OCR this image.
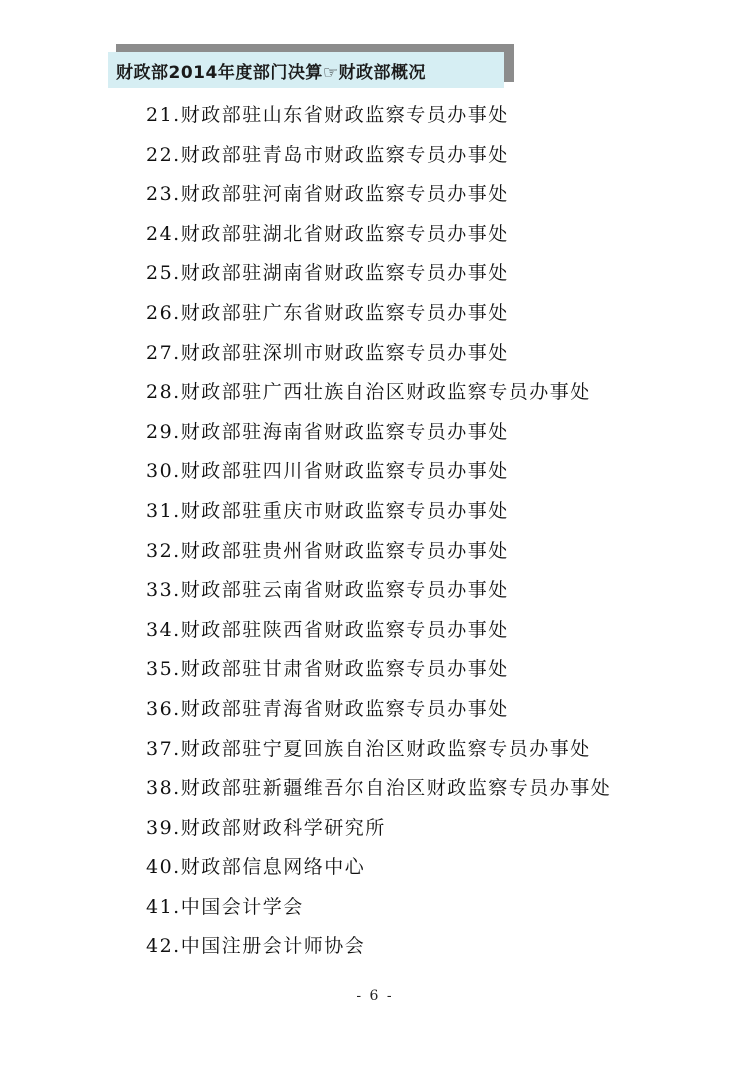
财政部2014年度部门决算☞财政部概况
21.财政部驻山东省财政监察专员办事处
22.财政部驻青岛市财政监察专员办事处
23.财政部驻河南省财政监察专员办事处
24.财政部驻湖北省财政监察专员办事处
25.财政部驻湖南省财政监察专员办事处
26.财政部驻广东省财政监察专员办事处
27.财政部驻深圳市财政监察专员办事处
28.财政部驻广西壮族自治区财政监察专员办事处
29.财政部驻海南省财政监察专员办事处
30.财政部驻四川省财政监察专员办事处
31.财政部驻重庆市财政监察专员办事处
32.财政部驻贵州省财政监察专员办事处
33.财政部驻云南省财政监察专员办事处
34.财政部驻陕西省财政监察专员办事处
35.财政部驻甘肃省财政监察专员办事处
36.财政部驻青海省财政监察专员办事处
37.财政部驻宁夏回族自治区财政监察专员办事处
38.财政部驻新疆维吾尔自治区财政监察专员办事处
39.财政部财政科学研究所
40.财政部信息网络中心
41.中国会计学会
42.中国注册会计师协会
- 6 -
